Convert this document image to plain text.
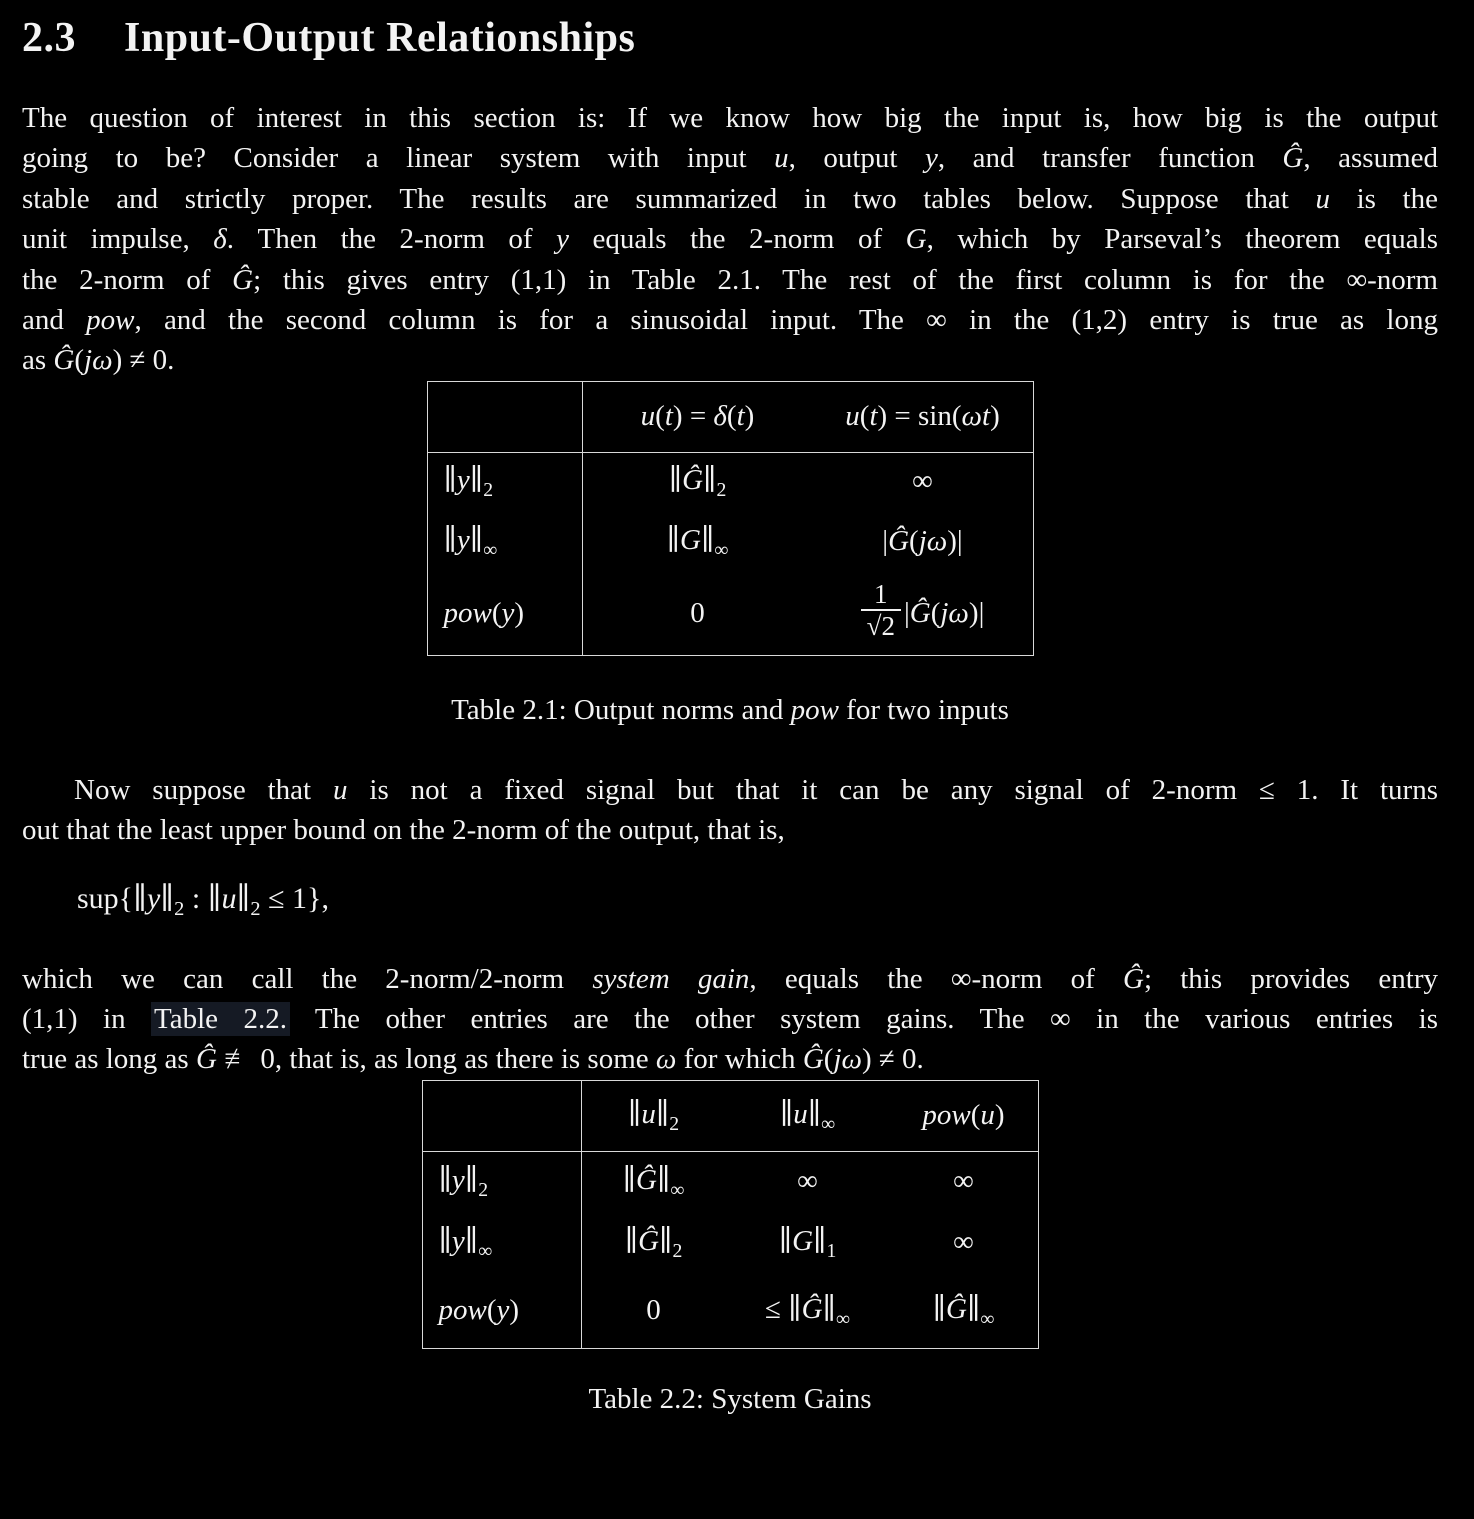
2.3 Input-Output Relationships
The question of interest in this section is: If we know how big the input is, how big is the output
going to be? Consider a linear system with input u, output y, and transfer function Ĝ, assumed
stable and strictly proper. The results are summarized in two tables below. Suppose that u is the
unit impulse, δ. Then the 2-norm of y equals the 2-norm of G, which by Parseval’s theorem equals
the 2-norm of Ĝ; this gives entry (1,1) in Table 2.1. The rest of the first column is for the ∞-norm
and pow, and the second column is for a sinusoidal input. The ∞ in the (1,2) entry is true as long
as Ĝ(jω) ≠ 0.
	u(t) = δ(t)	u(t) = sin(ωt)
$\parallel y\parallel_2$	$\parallel Ĝ\parallel_2$	∞
$\parallel y\parallel_\infty$	$\parallel G\parallel_\infty$	|Ĝ(jω)|
pow(y)	0	$\frac{1}{√2}$ |Ĝ(jω)|
Table 2.1: Output norms and pow for two inputs
Now suppose that u is not a fixed signal but that it can be any signal of 2-norm ≤ 1. It turns
out that the least upper bound on the 2-norm of the output, that is,
$sup\{\parallel y\parallel_2$ : $\parallel u\parallel_2 \le 1$},
which we can call the 2-norm/2-norm system gain, equals the ∞-norm of Ĝ; this provides entry
(1,1) in Table 2.2. The other entries are the other system gains. The ∞ in the various entries is
true as long as Ĝ ≢ 0, that is, as long as there is some ω for which Ĝ(jω) ≠ 0.
	$\parallel u\parallel_2$	$\parallel u\parallel_\infty$	pow(u)
$\parallel y\parallel_2$	$\parallel Ĝ\parallel_\infty$	∞	∞
$\parallel y\parallel_\infty$	$\parallel Ĝ\parallel_2$	$\parallel G\parallel_1$	∞
pow(y)	0	≤ $\parallel Ĝ\parallel_\infty$	$\parallel Ĝ\parallel_\infty$
Table 2.2: System Gains
